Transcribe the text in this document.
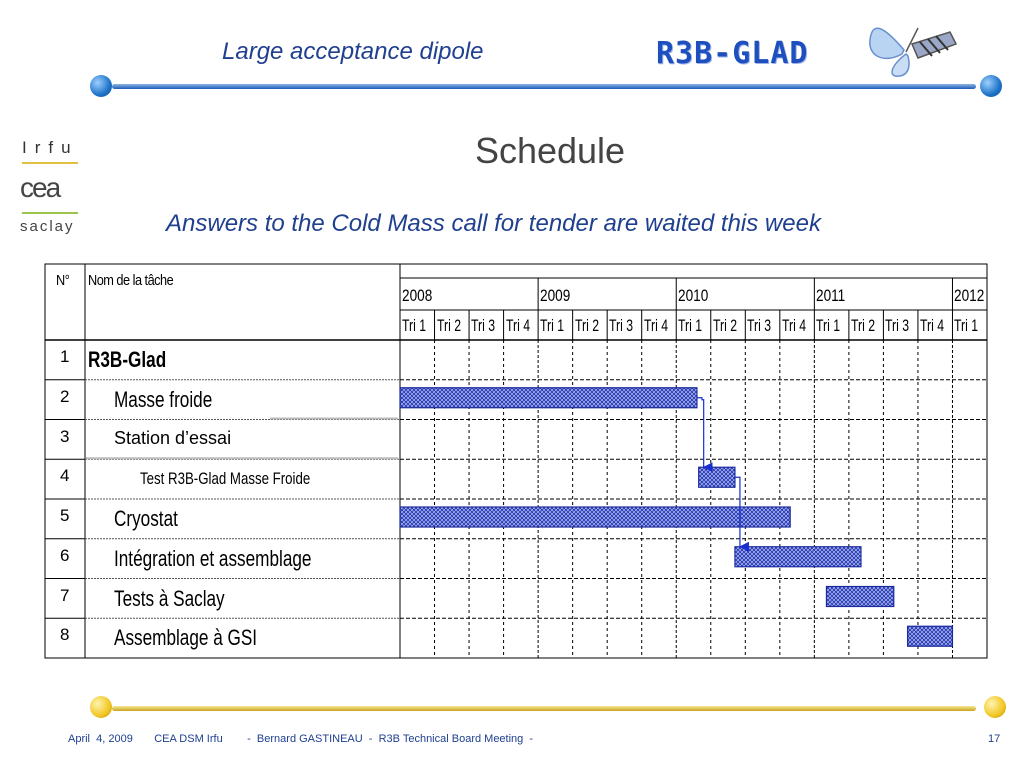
Large acceptance dipole	R3B-GLAD
Irfu
cea
saclay
Schedule
Answers to the Cold Mass call for tender are waited this week
N° Nom de la tâche
2008	2009	2010	2011	2012
Tri 1 Tri 2 Tri 3 Tri 4 Tri 1 Tri 2 Tri 3 Tri 4 Tri 1 Tri 2 Tri 3 Tri 4 Tri 1 Tri 2 Tri 3 Tri 4 Tri 1
1 R3B-Glad
2 Masse froide
3 Station d’essai
4	Test R3B-Glad Masse Froide
5 Cryostat
6 Intégration et assemblage
7 Tests à Saclay
8 Assemblage à GSI
April  4, 2009 CEA DSM Irfu -  Bernard GASTINEAU  -  R3B Technical Board Meeting  -	17
